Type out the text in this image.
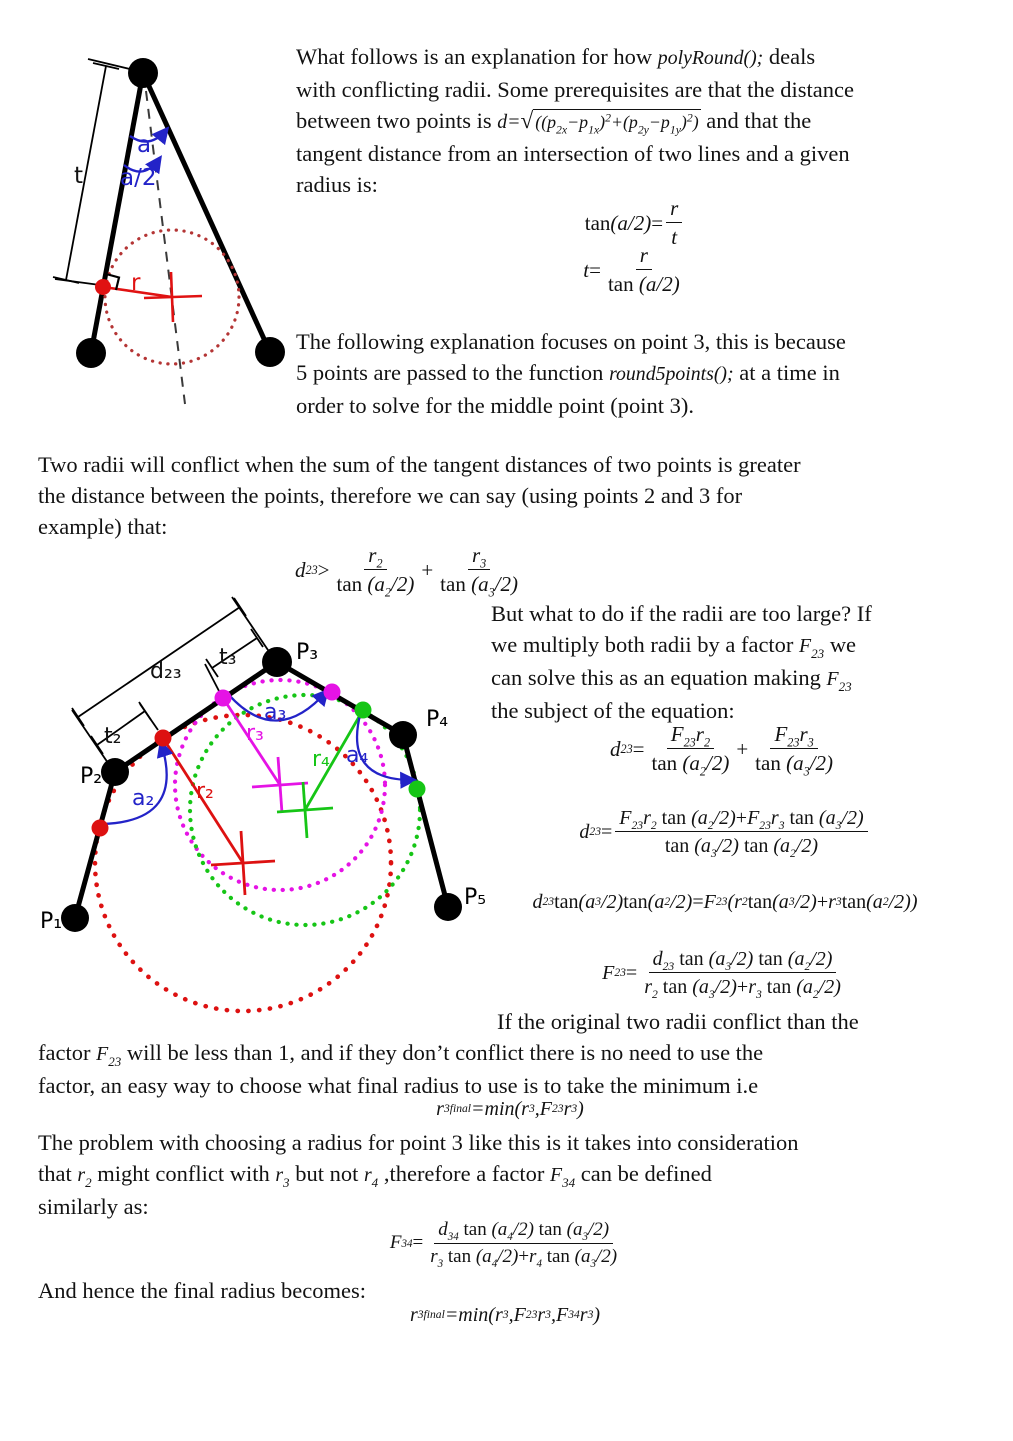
t
a
a/2
r
P₁
P₂
P₃
P₄
P₅
d₂₃
t₂
t₃
r₂
r₃
r₄
a₂
a₃
a₄
What follows is an explanation for how polyRound(); deals
with conflicting radii. Some prerequisites are that the distance
between two points is d= √ $((p_{2x}-p_{1x})^2+(p_{2y}-p_{1y})^2)$ and that the
tangent distance from an intersection of two lines and a given
radius is:
$\tan (a/2) = \frac{r}{t}$
$t = \frac{r}{\tan (a/2)}$
The following explanation focuses on point 3, this is because
5 points are passed to the function round5points(); at a time in
order to solve for the middle point (point 3).
Two radii will conflict when the sum of the tangent distances of two points is greater
the distance between the points, therefore we can say (using points 2 and 3 for
example) that:
d $23 > \frac{r_2}{\tan (a_2/2)} + \frac{r_3}{\tan (a_3/2)}$
But what to do if the radii are too large? If
we multiply both radii by a factor $F_{23}$ we
can solve this as an equation making $F_{23}$
the subject of the equation:
d $23 = \frac{F_{23}r_2}{\tan (a_2/2)} + \frac{F_{23}r_3}{\tan (a_3/2)}$
d $23 = \frac{F_{23}r_2 \tan (a_2/2)+F_{23}r_3 \tan (a_3/2)}{\tan (a_3/2) \tan (a_2/2)}$
d 23 tan (a 3 /2) tan (a 2 /2) = F 23 ( r 2 tan (a 3 /2) + r 3 tan (a 2 /2) )
F $23 = \frac{d_{23} \tan (a_3/2) \tan (a_2/2)}{r_2 \tan (a_3/2)+r_3 \tan (a_2/2)}$
If the original two radii conflict than the
factor $F_{23}$ will be less than 1, and if they don’t conflict there is no need to use the
factor, an easy way to choose what final radius to use is to take the minimum i.e
r 3final =min(r 3 ,F 23 r 3 )
The problem with choosing a radius for point 3 like this is it takes into consideration
that $r_2$ might conflict with $r_3$ but not $r_4$ ,therefore a factor $F_{34}$ can be defined
similarly as:
F $34 = \frac{d_{34} \tan (a_4/2) \tan (a_3/2)}{r_3 \tan (a_4/2)+r_4 \tan (a_3/2)}$
And hence the final radius becomes:
r 3final =min(r 3 ,F 23 r 3 ,F 34 r 3 )
